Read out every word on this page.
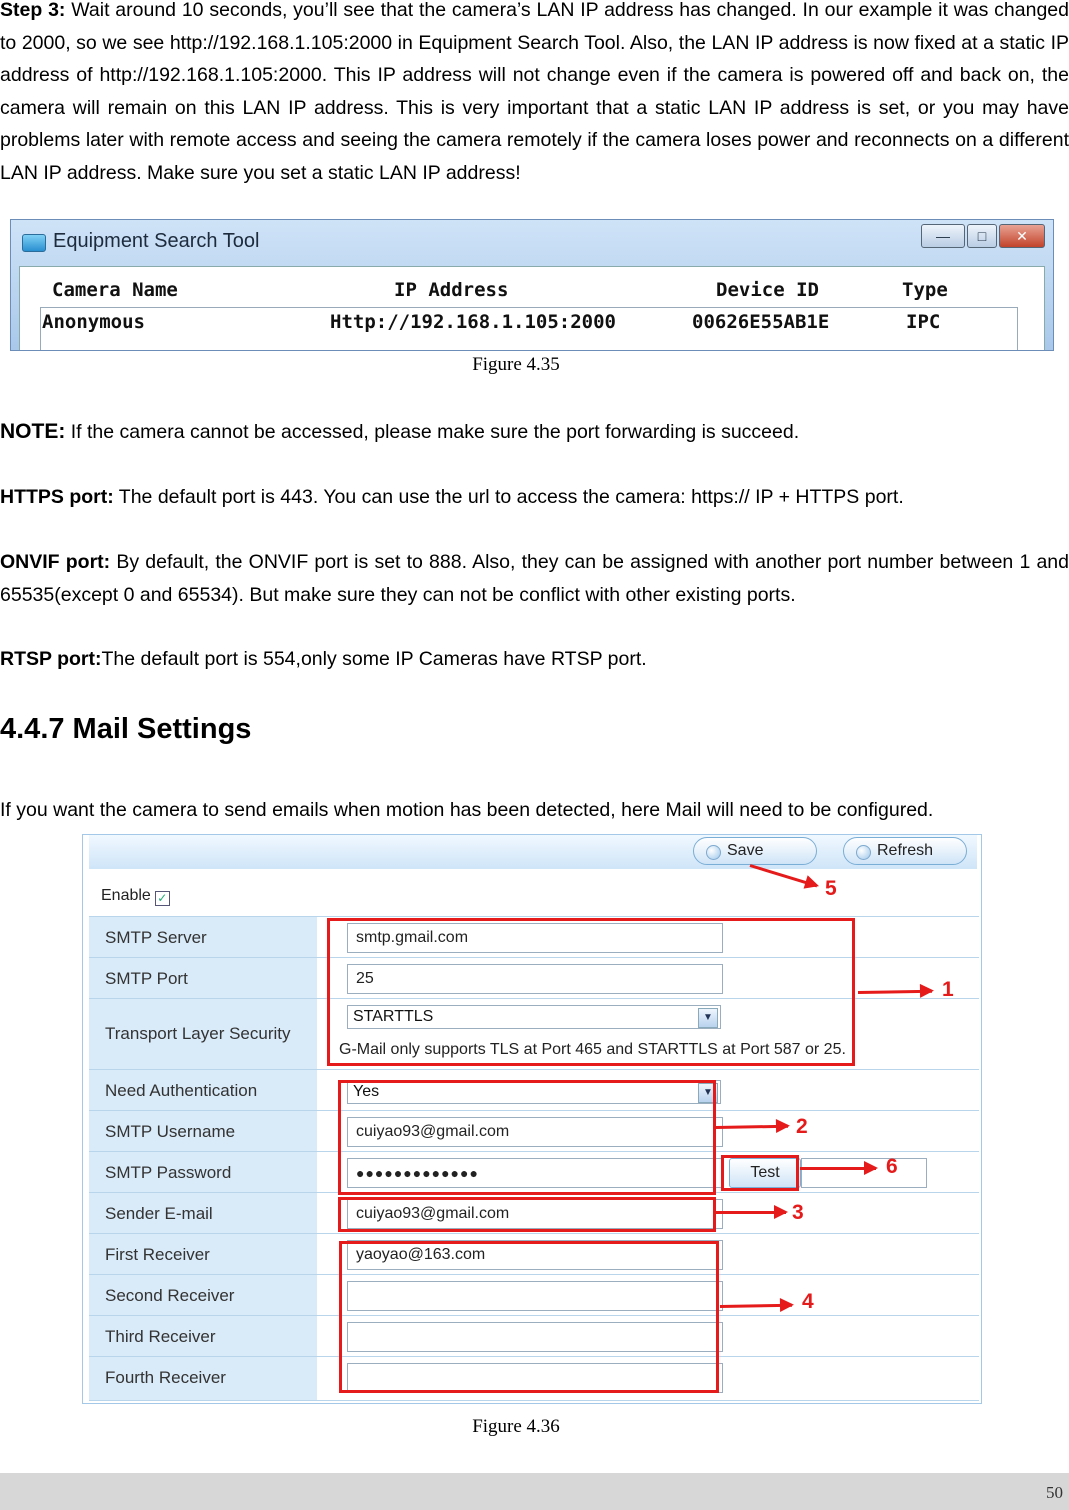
Step 3: Wait around 10 seconds, you’ll see that the camera’s LAN IP address has changed. In our example it was changed to 2000, so we see http://192.168.1.105:2000 in Equipment Search Tool. Also, the LAN IP address is now fixed at a static IP address of http://192.168.1.105:2000. This IP address will not change even if the camera is powered off and back on, the camera will remain on this LAN IP address. This is very important that a static LAN IP address is set, or you may have problems later with remote access and seeing the camera remotely if the camera loses power and reconnects on a different LAN IP address. Make sure you set a static LAN IP address!
Equipment Search Tool	—	□	✕
Camera Name	IP Address	Device ID	Type
Anonymous	Http://192.168.1.105:2000	00626E55AB1E	IPC
Figure 4.35
NOTE: If the camera cannot be accessed, please make sure the port forwarding is succeed.
HTTPS port: The default port is 443. You can use the url to access the camera: https:// IP + HTTPS port.
ONVIF port: By default, the ONVIF port is set to 888. Also, they can be assigned with another port number between 1 and 65535(except 0 and 65534). But make sure they can not be conflict with other existing ports.
RTSP port:The default port is 554,only some IP Cameras have RTSP port.
4.4.7 Mail Settings
If you want the camera to send emails when motion has been detected, here Mail will need to be configured.
Save	Refresh
Enable ✓
SMTP Server	smtp.gmail.com
SMTP Port	25
Transport Layer Security
STARTTLS	▼
G-Mail only supports TLS at Port 465 and STARTTLS at Port 587 or 25.
Need Authentication	Yes	▼
SMTP Username	cuiyao93@gmail.com
SMTP Password	●●●●●●●●●●●●●	Test
Sender E-mail	cuiyao93@gmail.com
First Receiver	yaoyao@163.com
Second Receiver
Third Receiver
Fourth Receiver
5
1
2
6
3
4
Figure 4.36
50
